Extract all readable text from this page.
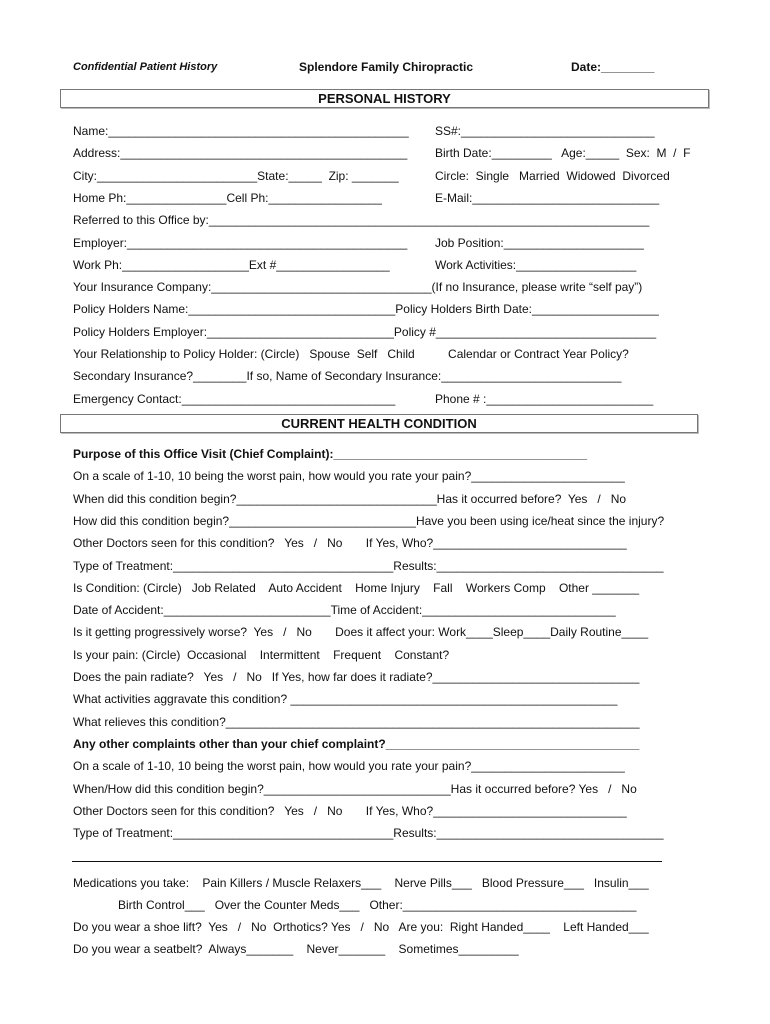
Confidential Patient History	Splendore Family Chiropractic	Date:________
PERSONAL HISTORY
Name:_____________________________________________ SS#:_____________________________
Address:___________________________________________ Birth Date:_________   Age:_____  Sex:  M  /  F
City:________________________State:_____  Zip: _______	Circle:  Single   Married  Widowed  Divorced
Home Ph:_______________Cell Ph:_________________	E-Mail:____________________________
Referred to this Office by:__________________________________________________________________
Employer:__________________________________________ Job Position:_____________________
Work Ph:___________________Ext #_________________	Work Activities:__________________
Your Insurance Company:_________________________________(If no Insurance, please write “self pay”)
Policy Holders Name:_______________________________Policy Holders Birth Date:___________________
Policy Holders Employer:____________________________Policy #_________________________________
Your Relationship to Policy Holder: (Circle)   Spouse  Self   Child          Calendar or Contract Year Policy?
Secondary Insurance?________If so, Name of Secondary Insurance:___________________________
Emergency Contact:________________________________	Phone # :_________________________
CURRENT HEALTH CONDITION
Purpose of this Office Visit (Chief Complaint):______________________________________
On a scale of 1-10, 10 being the worst pain, how would you rate your pain?_______________________
When did this condition begin?______________________________Has it occurred before?  Yes   /   No
How did this condition begin?____________________________Have you been using ice/heat since the injury?
Other Doctors seen for this condition?   Yes   /   No       If Yes, Who?_____________________________
Type of Treatment:_________________________________Results:__________________________________
Is Condition: (Circle)   Job Related    Auto Accident    Home Injury    Fall    Workers Comp    Other _______
Date of Accident:_________________________Time of Accident:_____________________________
Is it getting progressively worse?  Yes   /   No       Does it affect your: Work____Sleep____Daily Routine____
Is your pain: (Circle)  Occasional    Intermittent    Frequent    Constant?
Does the pain radiate?   Yes   /   No   If Yes, how far does it radiate?_______________________________
What activities aggravate this condition? _________________________________________________
What relieves this condition?______________________________________________________________
Any other complaints other than your chief complaint?______________________________________
On a scale of 1-10, 10 being the worst pain, how would you rate your pain?_______________________
When/How did this condition begin?____________________________Has it occurred before? Yes   /   No
Other Doctors seen for this condition?   Yes   /   No       If Yes, Who?_____________________________
Type of Treatment:_________________________________Results:__________________________________
Medications you take:    Pain Killers / Muscle Relaxers___    Nerve Pills___   Blood Pressure___   Insulin___
Birth Control___   Over the Counter Meds___   Other:___________________________________
Do you wear a shoe lift?  Yes   /   No  Orthotics? Yes   /   No   Are you:  Right Handed____    Left Handed___
Do you wear a seatbelt?  Always_______    Never_______    Sometimes_________
